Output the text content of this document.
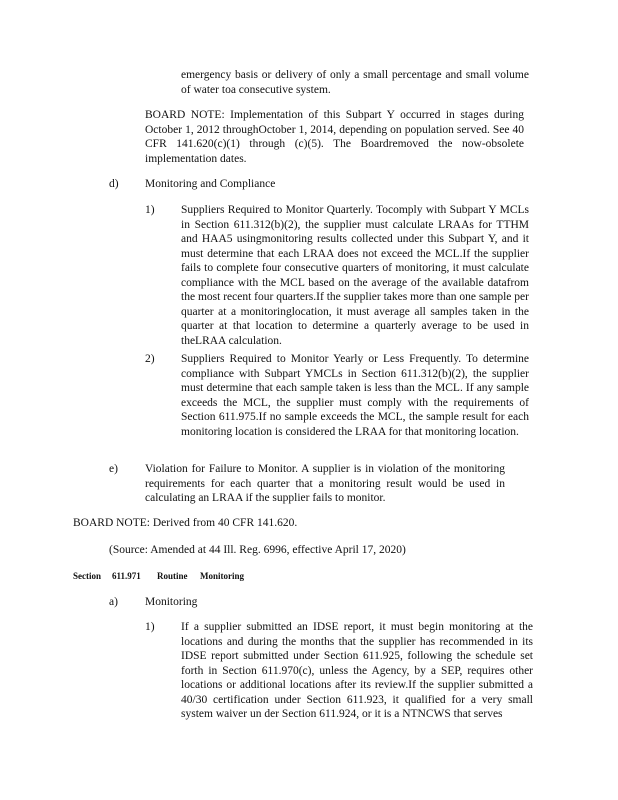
emergency basis or delivery of only a small percentage and small volume of water toa consecutive system.

BOARD NOTE: Implementation of this Subpart Y occurred in stages during October 1, 2012 throughOctober 1, 2014, depending on population served. See 40 CFR 141.620(c)(1) through (c)(5). The Boardremoved the now-obsolete implementation dates.

d) Monitoring and Compliance
1) Suppliers Required to Monitor Quarterly. Tocomply with Subpart Y MCLs in Section 611.312(b)(2), the supplier must calculate LRAAs for TTHM and HAA5 usingmonitoring results collected under this Subpart Y, and it must determine that each LRAA does not exceed the MCL.If the supplier fails to complete four consecutive quarters of monitoring, it must calculate compliance with the MCL based on the average of the available datafrom the most recent four quarters.If the supplier takes more than one sample per quarter at a monitoringlocation, it must average all samples taken in the quarter at that location to determine a quarterly average to be used in theLRAA calculation.

2) Suppliers Required to Monitor Yearly or Less Frequently. To determine compliance with Subpart YMCLs in Section 611.312(b)(2), the supplier must determine that each sample taken is less than the MCL. If any sample exceeds the MCL, the supplier must comply with the requirements of Section 611.975.If no sample exceeds the MCL, the sample result for each monitoring location is considered the LRAA for that monitoring location.

e) Violation for Failure to Monitor. A supplier is in violation of the monitoring requirements for each quarter that a monitoring result would be used in calculating an LRAA if the supplier fails to monitor.

BOARD NOTE: Derived from 40 CFR 141.620.
(Source: Amended at 44 Ill. Reg. 6996, effective April 17, 2020)
Section 611.971 Routine Monitoring
a) Monitoring
1) If a supplier submitted an IDSE report, it must begin monitoring at the locations and during the months that the supplier has recommended in its IDSE report submitted under Section 611.925, following the schedule set forth in Section 611.970(c), unless the Agency, by a SEP, requires other locations or additional locations after its review.If the supplier submitted a 40/30 certification under Section 611.923, it qualified for a very small system waiver un der Section 611.924, or it is a NTNCWS that serves
